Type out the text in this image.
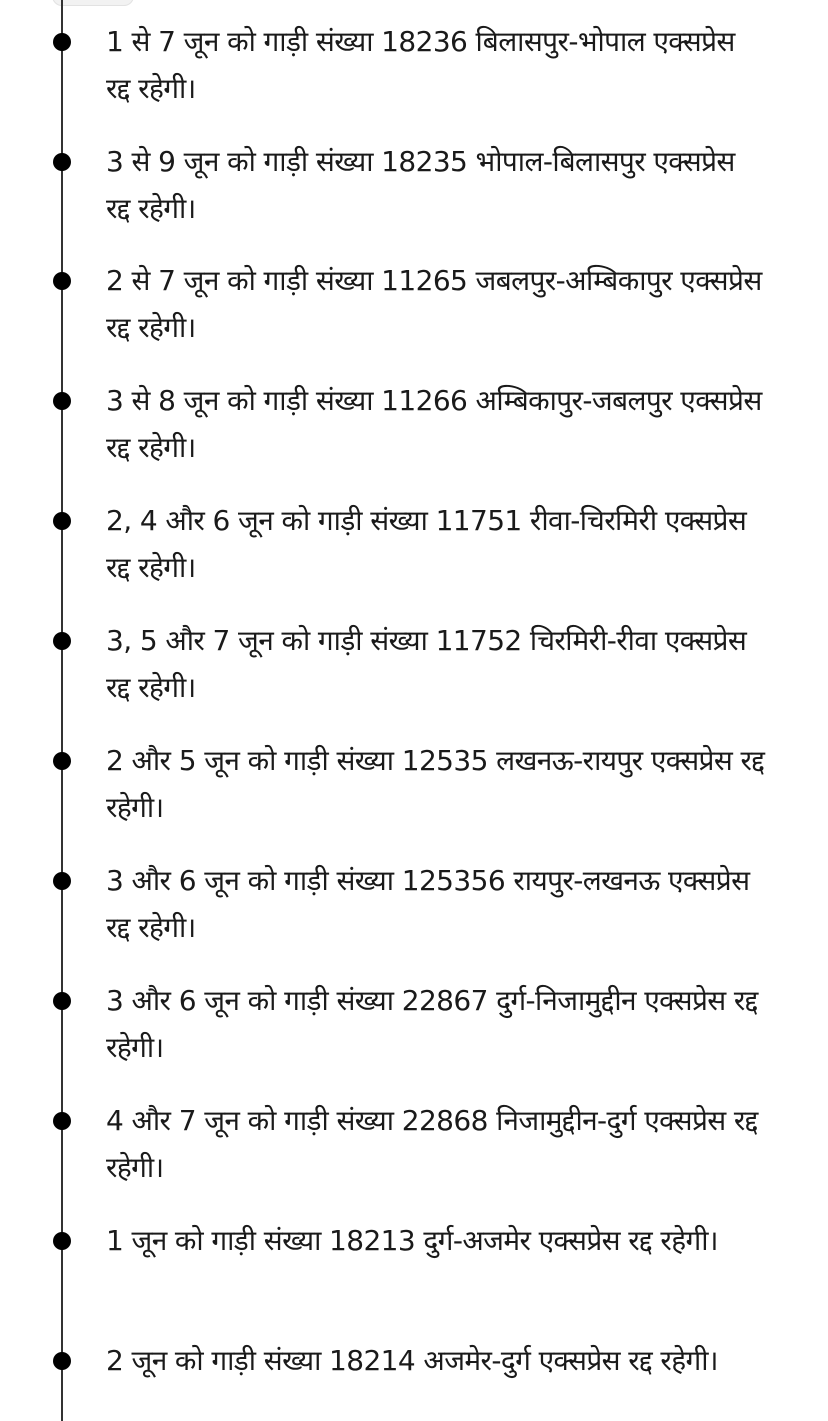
1 से 7 जून को गाड़ी संख्या 18236 बिलासपुर-भोपाल एक्सप्रेस रद्द रहेगी।
3 से 9 जून को गाड़ी संख्या 18235 भोपाल-बिलासपुर एक्सप्रेस रद्द रहेगी।
2 से 7 जून को गाड़ी संख्या 11265 जबलपुर-अम्बिकापुर एक्सप्रेस रद्द रहेगी।
3 से 8 जून को गाड़ी संख्या 11266 अम्बिकापुर-जबलपुर एक्सप्रेस रद्द रहेगी।
2, 4 और 6 जून को गाड़ी संख्या 11751 रीवा-चिरमिरी एक्सप्रेस रद्द रहेगी।
3, 5 और 7 जून को गाड़ी संख्या 11752 चिरमिरी-रीवा एक्सप्रेस रद्द रहेगी।
2 और 5 जून को गाड़ी संख्या 12535 लखनऊ-रायपुर एक्सप्रेस रद्द रहेगी।
3 और 6 जून को गाड़ी संख्या 125356 रायपुर-लखनऊ एक्सप्रेस रद्द रहेगी।
3 और 6 जून को गाड़ी संख्या 22867 दुर्ग-निजामुद्दीन एक्सप्रेस रद्द रहेगी।
4 और 7 जून को गाड़ी संख्या 22868 निजामुद्दीन-दुर्ग एक्सप्रेस रद्द रहेगी।
1 जून को गाड़ी संख्या 18213 दुर्ग-अजमेर एक्सप्रेस रद्द रहेगी।
2 जून को गाड़ी संख्या 18214 अजमेर-दुर्ग एक्सप्रेस रद्द रहेगी।
